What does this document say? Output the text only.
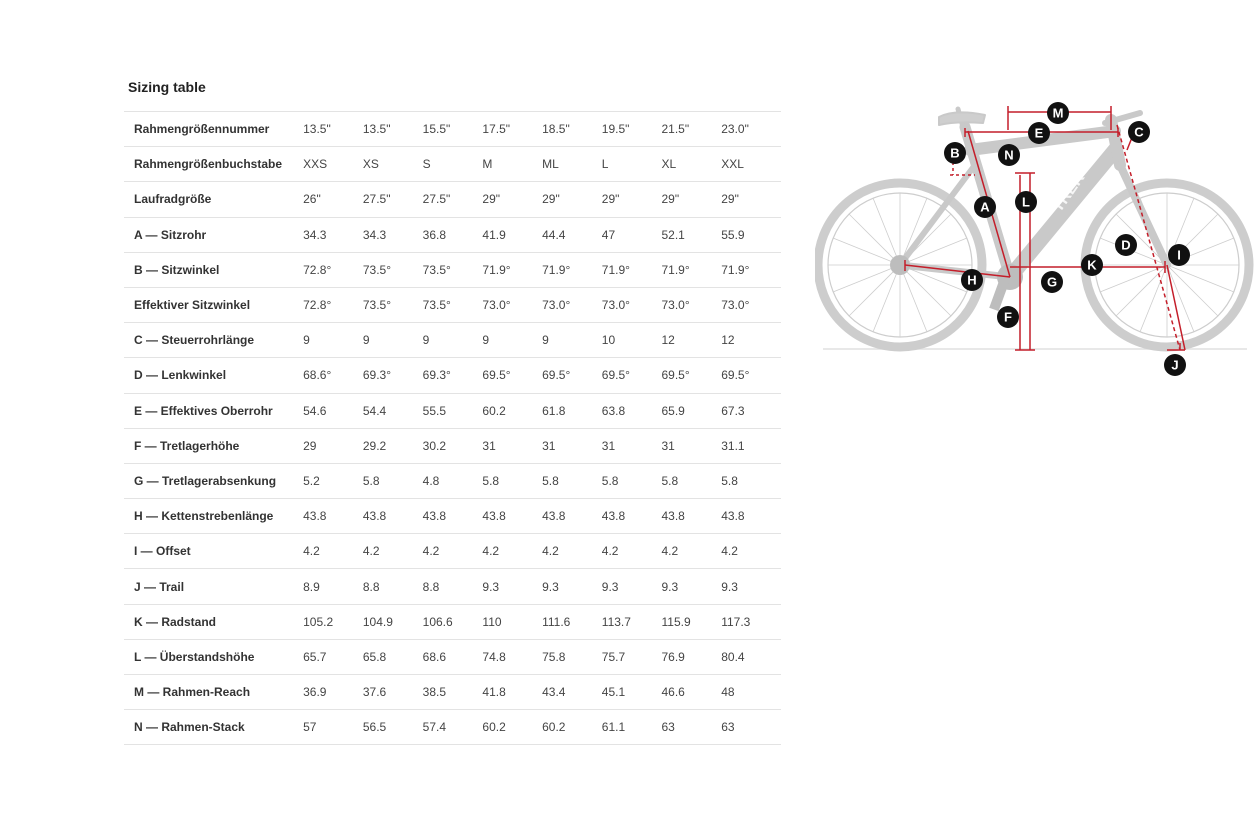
Sizing table
Rahmengrößennummer	13.5"	13.5"	15.5"	17.5"	18.5"	19.5"	21.5"	23.0"
Rahmengrößenbuchstabe	XXS	XS	S	M	ML	L	XL	XXL
Laufradgröße	26"	27.5"	27.5"	29"	29"	29"	29"	29"
A — Sitzrohr	34.3	34.3	36.8	41.9	44.4	47	52.1	55.9
B — Sitzwinkel	72.8°	73.5°	73.5°	71.9°	71.9°	71.9°	71.9°	71.9°
Effektiver Sitzwinkel	72.8°	73.5°	73.5°	73.0°	73.0°	73.0°	73.0°	73.0°
C — Steuerrohrlänge	9	9	9	9	9	10	12	12
D — Lenkwinkel	68.6°	69.3°	69.3°	69.5°	69.5°	69.5°	69.5°	69.5°
E — Effektives Oberrohr	54.6	54.4	55.5	60.2	61.8	63.8	65.9	67.3
F — Tretlagerhöhe	29	29.2	30.2	31	31	31	31	31.1
G — Tretlagerabsenkung	5.2	5.8	4.8	5.8	5.8	5.8	5.8	5.8
H — Kettenstrebenlänge	43.8	43.8	43.8	43.8	43.8	43.8	43.8	43.8
I — Offset	4.2	4.2	4.2	4.2	4.2	4.2	4.2	4.2
J — Trail	8.9	8.8	8.8	9.3	9.3	9.3	9.3	9.3
K — Radstand	105.2	104.9	106.6	110	111.6	113.7	115.9	117.3
L — Überstandshöhe	65.7	65.8	68.6	74.8	75.8	75.7	76.9	80.4
M — Rahmen-Reach	36.9	37.6	38.5	41.8	43.4	45.1	46.6	48
N — Rahmen-Stack	57	56.5	57.4	60.2	60.2	61.1	63	63
TREK
M
E	C
B	N
A L
D
I
H	G
K
F
J
